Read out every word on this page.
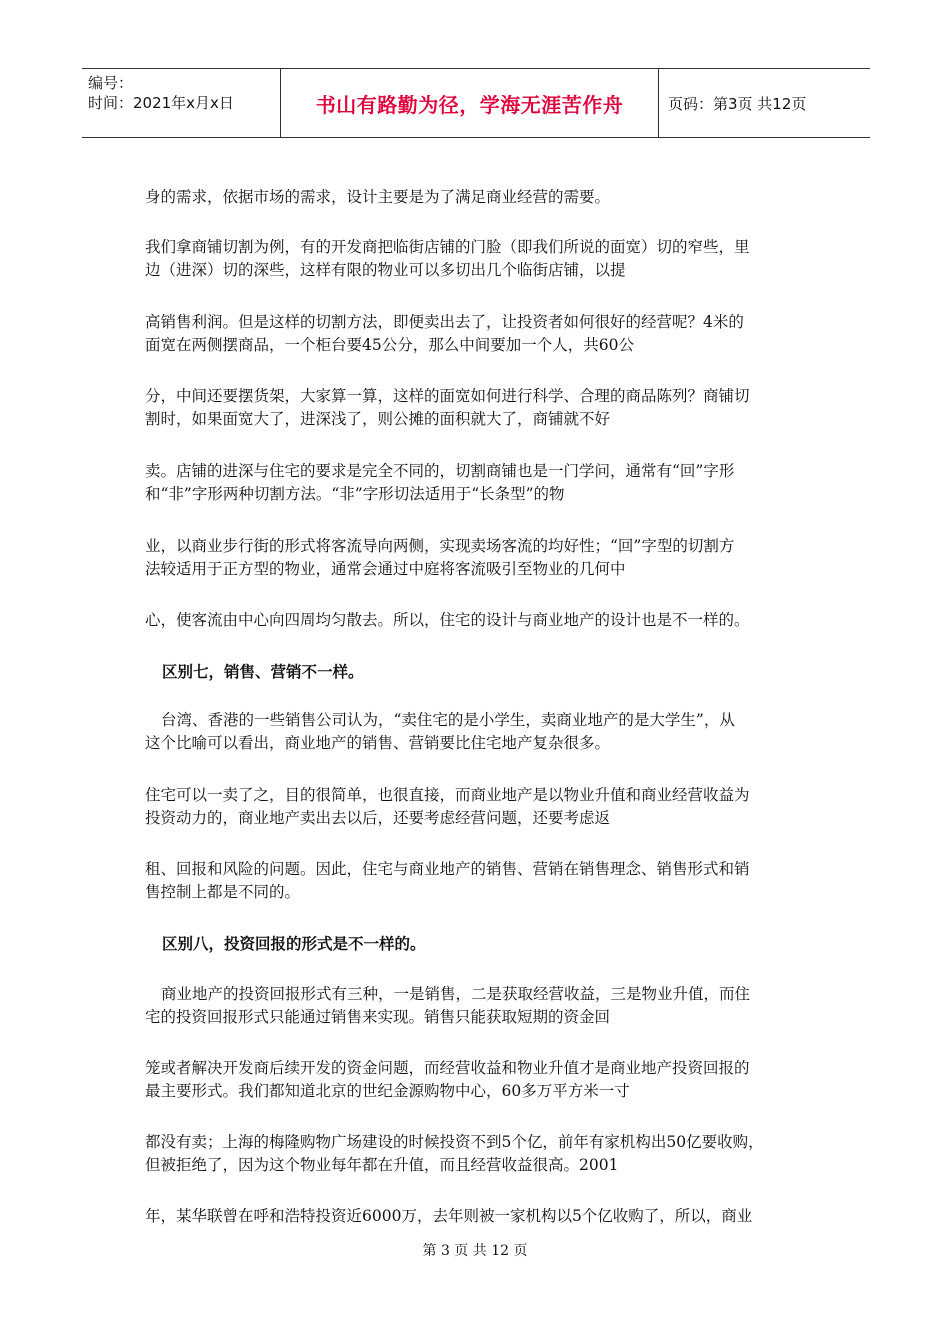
编号：
时间：2021年x月x日	书山有路勤为径，学海无涯苦作舟	页码：第3页 共12页

身的需求，依据市场的需求，设计主要是为了满足商业经营的需要。

我们拿商铺切割为例，有的开发商把临街店铺的门脸（即我们所说的面宽）切的窄些，里
边（进深）切的深些，这样有限的物业可以多切出几个临街店铺，以提

高销售利润。但是这样的切割方法，即便卖出去了，让投资者如何很好的经营呢？4米的
面宽在两侧摆商品，一个柜台要45公分，那么中间要加一个人，共60公

分，中间还要摆货架，大家算一算，这样的面宽如何进行科学、合理的商品陈列？商铺切
割时，如果面宽大了，进深浅了，则公摊的面积就大了，商铺就不好

卖。店铺的进深与住宅的要求是完全不同的，切割商铺也是一门学问，通常有“回”字形
和“非”字形两种切割方法。“非”字形切法适用于“长条型”的物

业，以商业步行街的形式将客流导向两侧，实现卖场客流的均好性；“回”字型的切割方
法较适用于正方型的物业，通常会通过中庭将客流吸引至物业的几何中

心，使客流由中心向四周均匀散去。所以，住宅的设计与商业地产的设计也是不一样的。

区别七，销售、营销不一样。

台湾、香港的一些销售公司认为，“卖住宅的是小学生，卖商业地产的是大学生”，从
这个比喻可以看出，商业地产的销售、营销要比住宅地产复杂很多。

住宅可以一卖了之，目的很简单，也很直接，而商业地产是以物业升值和商业经营收益为
投资动力的，商业地产卖出去以后，还要考虑经营问题，还要考虑返

租、回报和风险的问题。因此，住宅与商业地产的销售、营销在销售理念、销售形式和销
售控制上都是不同的。

区别八，投资回报的形式是不一样的。

商业地产的投资回报形式有三种，一是销售，二是获取经营收益，三是物业升值，而住
宅的投资回报形式只能通过销售来实现。销售只能获取短期的资金回

笼或者解决开发商后续开发的资金问题，而经营收益和物业升值才是商业地产投资回报的
最主要形式。我们都知道北京的世纪金源购物中心，60多万平方米一寸

都没有卖；上海的梅隆购物广场建设的时候投资不到5个亿，前年有家机构出50亿要收购，
但被拒绝了，因为这个物业每年都在升值，而且经营收益很高。2001

年，某华联曾在呼和浩特投资近6000万，去年则被一家机构以5个亿收购了，所以，商业

第 3 页 共 12 页
